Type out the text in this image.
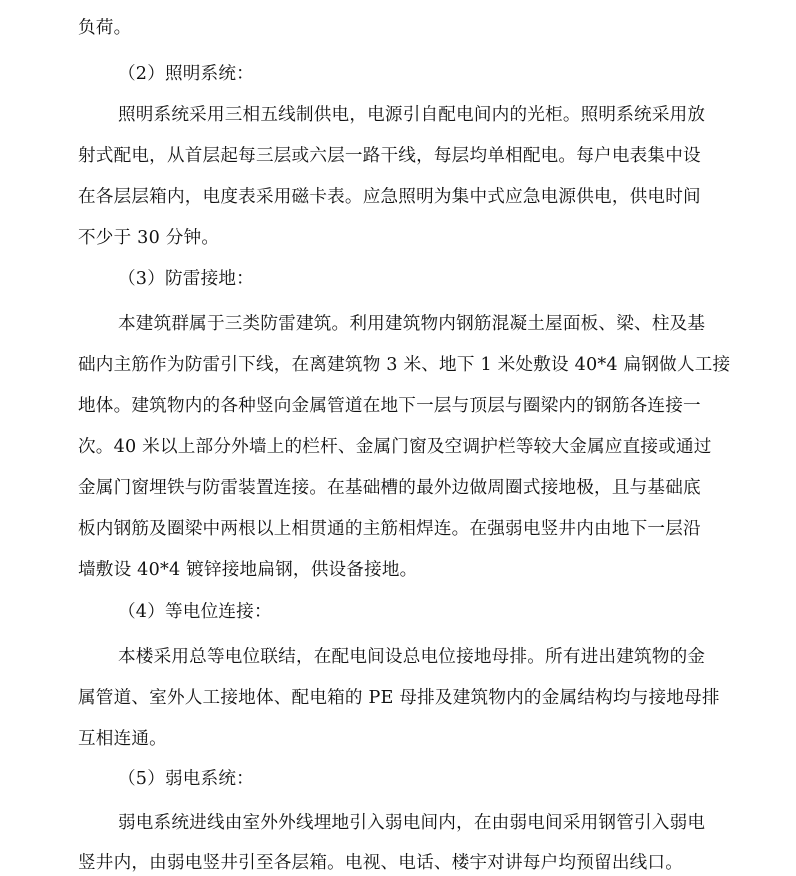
负荷。
（2）照明系统：
照明系统采用三相五线制供电，电源引自配电间内的光柜。照明系统采用放
射式配电，从首层起每三层或六层一路干线，每层均单相配电。每户电表集中设
在各层层箱内，电度表采用磁卡表。应急照明为集中式应急电源供电，供电时间
不少于 30 分钟。
（3）防雷接地：
本建筑群属于三类防雷建筑。利用建筑物内钢筋混凝土屋面板、梁、柱及基
础内主筋作为防雷引下线，在离建筑物 3 米、地下 1 米处敷设 40*4 扁钢做人工接
地体。建筑物内的各种竖向金属管道在地下一层与顶层与圈梁内的钢筋各连接一
次。40 米以上部分外墙上的栏杆、金属门窗及空调护栏等较大金属应直接或通过
金属门窗埋铁与防雷装置连接。在基础槽的最外边做周圈式接地极，且与基础底
板内钢筋及圈梁中两根以上相贯通的主筋相焊连。在强弱电竖井内由地下一层沿
墙敷设 40*4 镀锌接地扁钢，供设备接地。
（4）等电位连接：
本楼采用总等电位联结，在配电间设总电位接地母排。所有进出建筑物的金
属管道、室外人工接地体、配电箱的 PE 母排及建筑物内的金属结构均与接地母排
互相连通。
（5）弱电系统：
弱电系统进线由室外外线埋地引入弱电间内，在由弱电间采用钢管引入弱电
竖井内，由弱电竖井引至各层箱。电视、电话、楼宇对讲每户均预留出线口。
